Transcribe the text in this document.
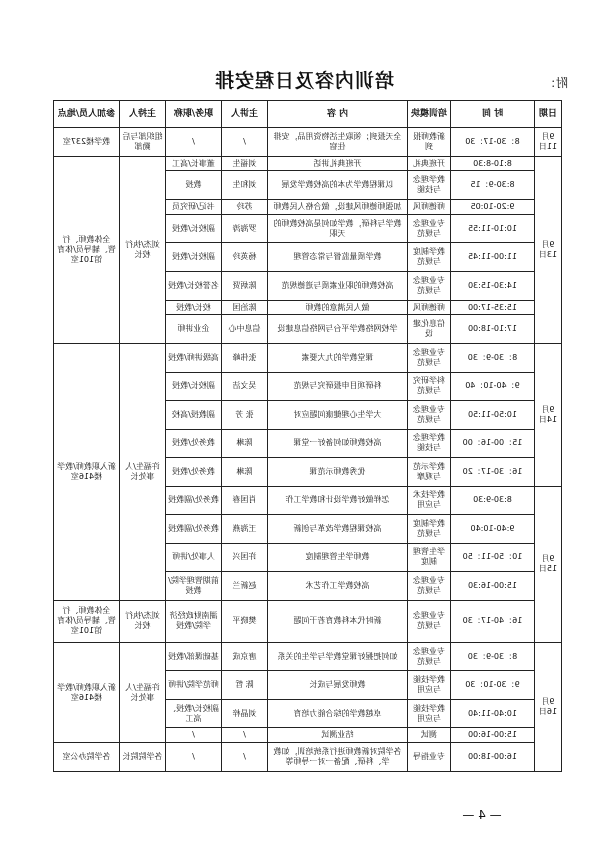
附：
培训内容及日程安排
日期	时 间	培训模块	内 容	主讲人	职务/职称	主持人	参加人员/地点
9月11日	8：30-17：30	新教师报到	全天报到；领取生活物资用品，安排住宿	/	/	组织部与后勤部	教学楼237室
9月13日	8:10-8:30	开班典礼	开班典礼讲话	刘福生	董事长/高工	刘杰/执行校长	全体教师、行管、辅导员/体育馆101室
	8:30-9：15	教学理念与技能	以课程教学为本的高校教学发展	刘和生	教授		
	9:20-10:05	师德师风	加强师德师风建设，做合格人民教师	苏玲	书记/研究员		
	10:10-11:55	专业理念与规范	教学与科研，教学如何是高校教师的天职	罗海涛	副校长/教授		
	11:00-11:45	教学制度与规范	教学质量监督与常态管理	杨英玲	副校长/教授		
	14:30-15:30	专业理念与规范	高校教师的职业素质与道德规范	陈炳贤	名誉校长/教授		
	15:35-17:00	师德师风	做人民满意的教师	陈治国	校长/教授		
	17:10-18:00	信息化建设	学校网络教学平台与网络信息建设	信息中心	企业讲师		
9月14日	8：30-9：30	专业理念与规范	课堂教学的九大要素	张伟峰	高级讲师/教授	许福生/人事处长	新入职教师/教学楼416室
	9：40-10：40	科学研究与规范	科研项目申报研究与规范	吴文洁	副校长/教授		
	10:50-11:50	专业理念与规范	大学生心理健康问题应对	张 芳	副教授/高校		
	15：00-16：00	教学理念与技能	高校教师如何备好一堂课	陈琳	教务处/教授		
	16：30-17：20	教学示范与观摩	优秀教师示范课	陈琳	教务处/教授		
9月15日	8:30-9:30	教学技术与应用	怎样做好教学设计和教学工作	肖国春	教务处/副教授		
	9:40-10:40	教学制度与规范	高校课程教学改革与创新	王海燕	教务处/副教授		
	10：50-11：50	学生管理制度	教师学生管理制度	许国兴	人事处/讲师		
	15:00-16:30	专业理念与规范	高校教学工作艺术	赵新兰	前期管理学院/教授		
	16：40-17：30	专业理念与规范	新时代本科教育若干问题	樊晓平	湖南财政经济学院/教授	刘杰/执行校长	全体教师、行管、辅导员/体育馆101室
9月16日	8：30-9：30	专业理念与规范	如何把握好课堂教学与学生的关系	唐京成	基础课部/教授	许福生/人事处长	新入职教师/教学楼416室
	9：30-10：30	教学技能与应用	教师发展与成长	陈 哲	师范学院/讲师		
	10:40-11:40	教学技能与应用	卓越教学的综合能力培育	刘晶梓	副校长/教授、高工		
	15:00-16:00	测试	结业测试	/	/		
	16:00-18:00	专业指导	各学院对新教师进行系统培训，如教学、科研、配备一对一导师等	/	/	各学院院长	各学院办公室
— 4 —
